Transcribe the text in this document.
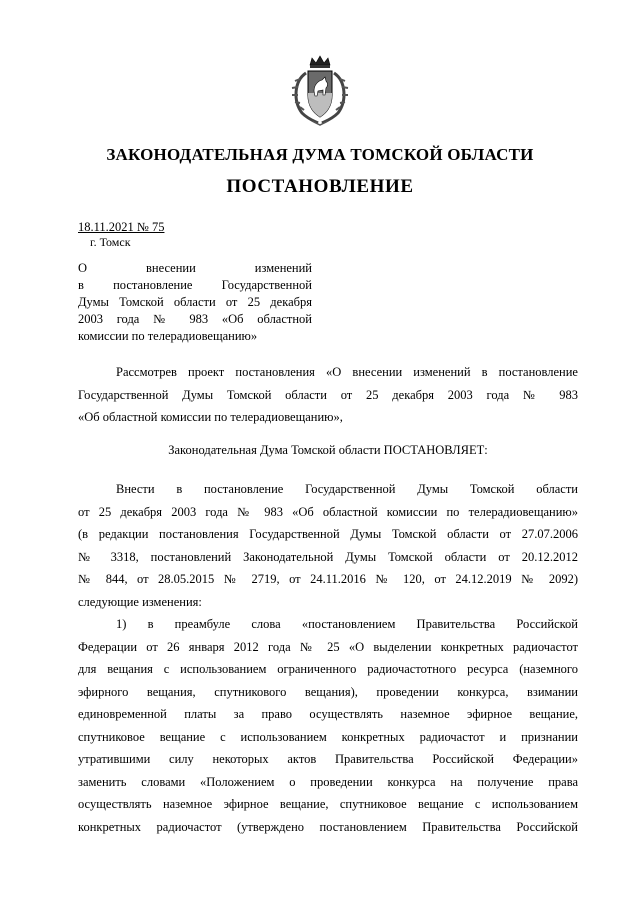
ЗАКОНОДАТЕЛЬНАЯ ДУМА ТОМСКОЙ ОБЛАСТИ
ПОСТАНОВЛЕНИЕ
18.11.2021 № 75
г. Томск
О внесении изменений
в постановление Государственной
Думы Томской области от 25 декабря
2003 года № 983 «Об областной
комиссии по телерадиовещанию»
Рассмотрев проект постановления «О внесении изменений в постановление
Государственной Думы Томской области от 25 декабря 2003 года № 983
«Об областной комиссии по телерадиовещанию»,
Законодательная Дума Томской области ПОСТАНОВЛЯЕТ:
Внести в постановление Государственной Думы Томской области
от 25 декабря 2003 года № 983 «Об областной комиссии по телерадиовещанию»
(в редакции постановления Государственной Думы Томской области от 27.07.2006
№ 3318, постановлений Законодательной Думы Томской области от 20.12.2012
№ 844, от 28.05.2015 № 2719, от 24.11.2016 № 120, от 24.12.2019 № 2092)
следующие изменения:
1) в преамбуле слова «постановлением Правительства Российской
Федерации от 26 января 2012 года № 25 «О выделении конкретных радиочастот
для вещания с использованием ограниченного радиочастотного ресурса (наземного
эфирного вещания, спутникового вещания), проведении конкурса, взимании
единовременной платы за право осуществлять наземное эфирное вещание,
спутниковое вещание с использованием конкретных радиочастот и признании
утратившими силу некоторых актов Правительства Российской Федерации»
заменить словами «Положением о проведении конкурса на получение права
осуществлять наземное эфирное вещание, спутниковое вещание с использованием
конкретных радиочастот (утверждено постановлением Правительства Российской
